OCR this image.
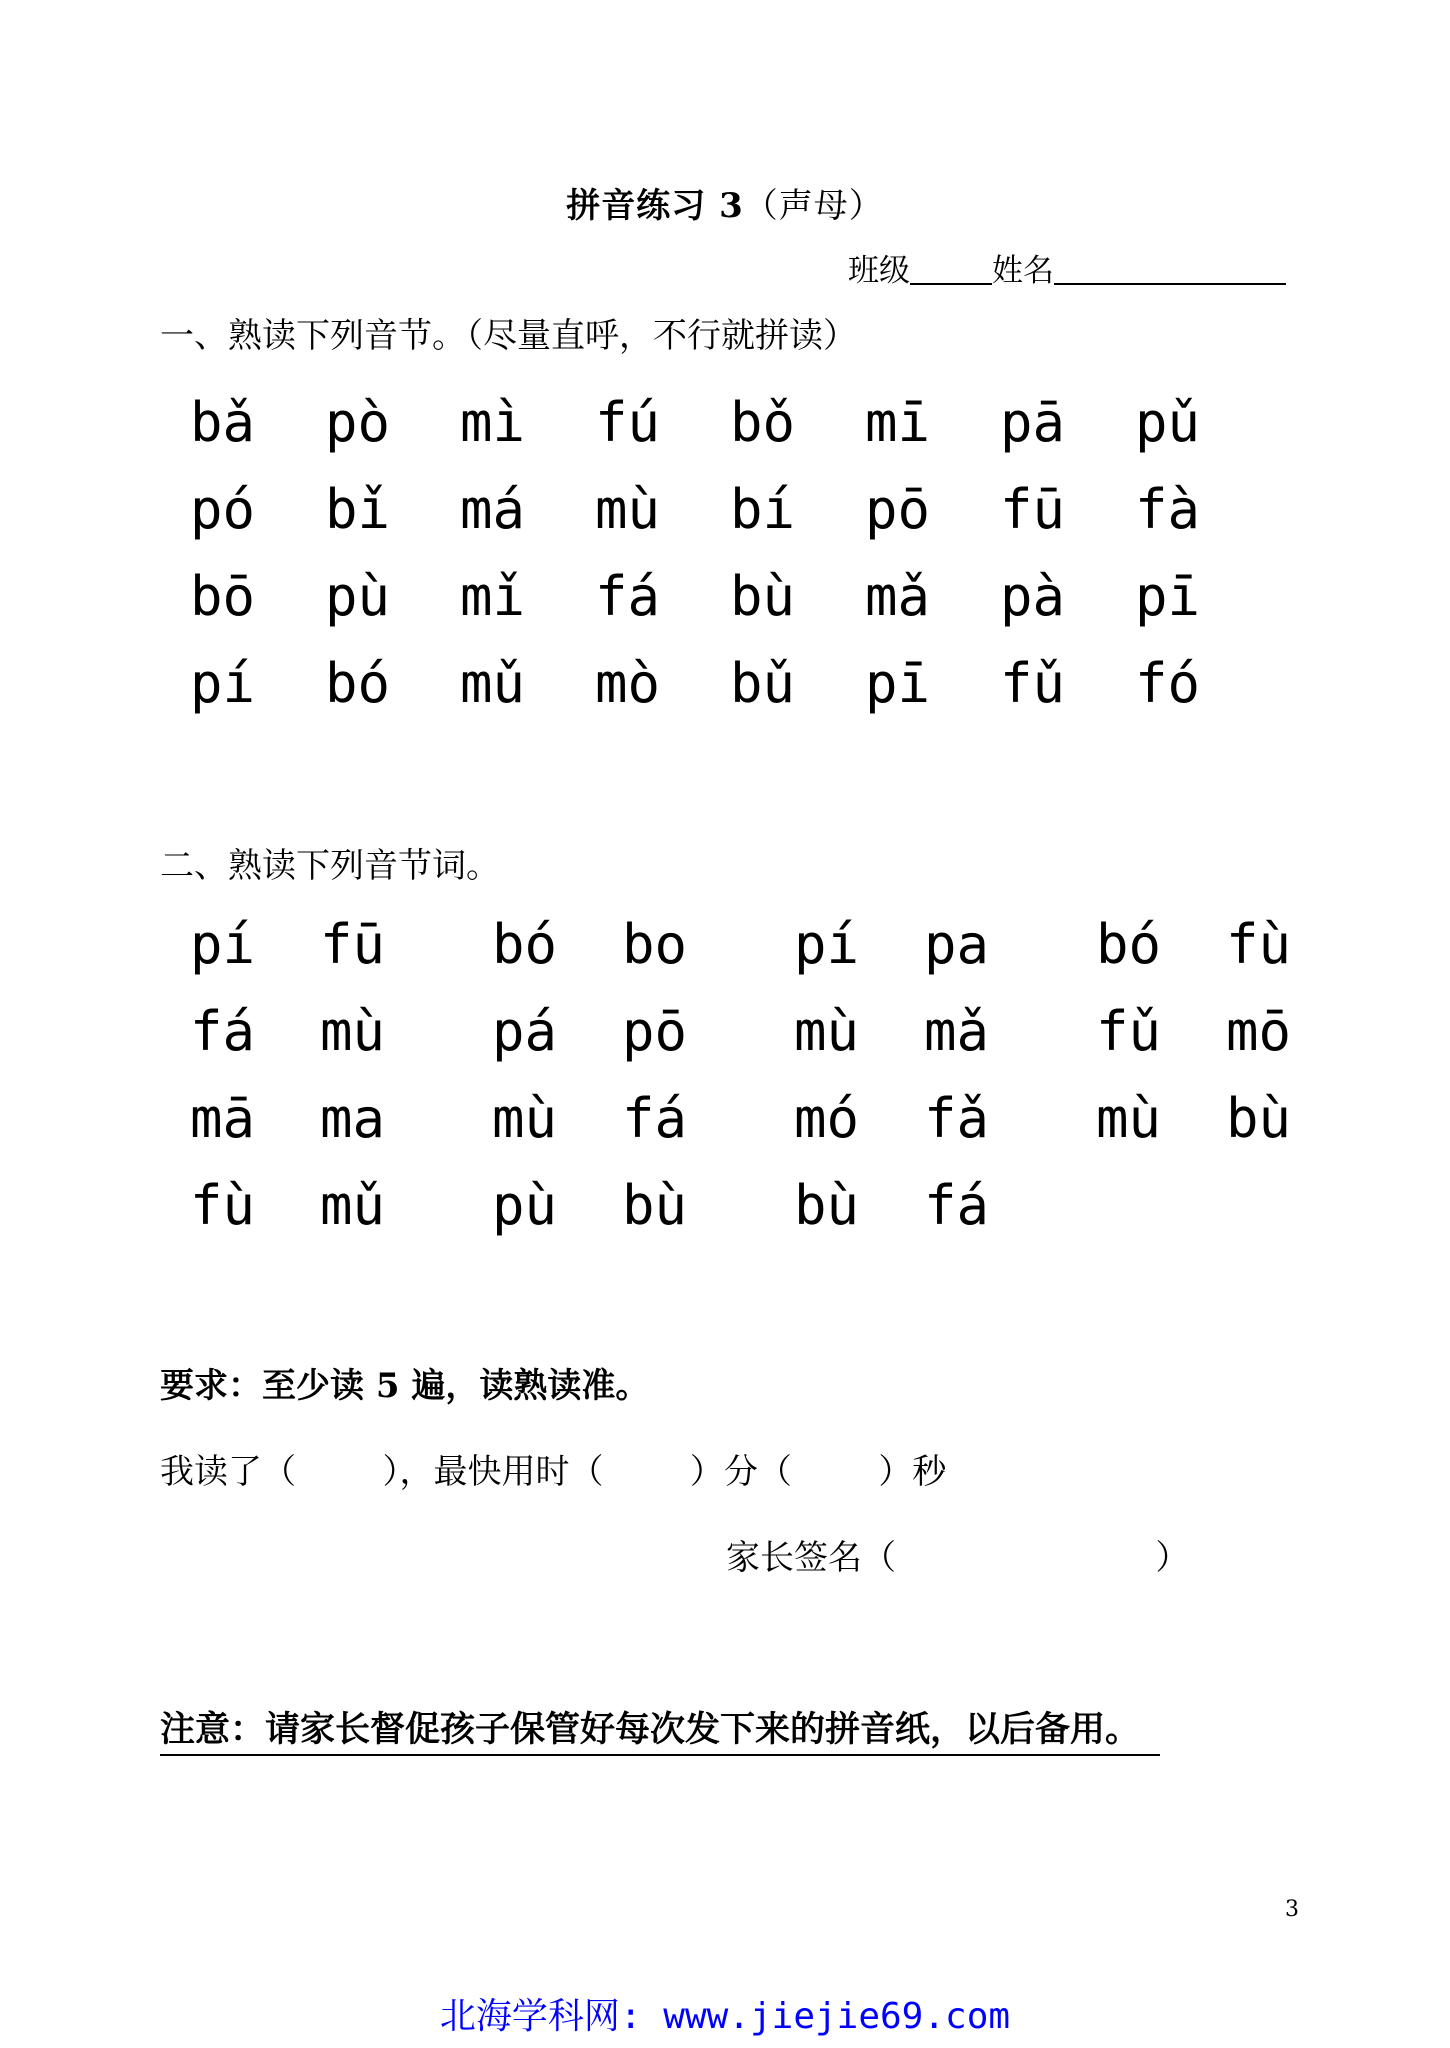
拼音练习 3（声母）
班级	姓名
一、熟读下列音节。（尽量直呼，不行就拼读）
bǎ	pò	mì	fú	bǒ	mī	pā	pǔ
pó	bǐ	má	mù	bí	pō	fū	fà
bō	pù	mǐ	fá	bù	mǎ	pà	pī
pí	bó	mǔ	mò	bǔ	pī	fǔ	fó
二、熟读下列音节词。
pí  fū	bó  bo	pí  pa	bó  fù
fá  mù	pá  pō	mù  mǎ	fǔ  mō
mā  ma	mù  fá	mó  fǎ	mù  bù
fù  mǔ	pù  bù	bù  fá
要求：至少读 5 遍，读熟读准。
我读了（        ），最快用时（        ）分（        ）秒
家长签名（                        ）
注意：请家长督促孩子保管好每次发下来的拼音纸，以后备用。
3
北海学科网: www.jiejie69.com
